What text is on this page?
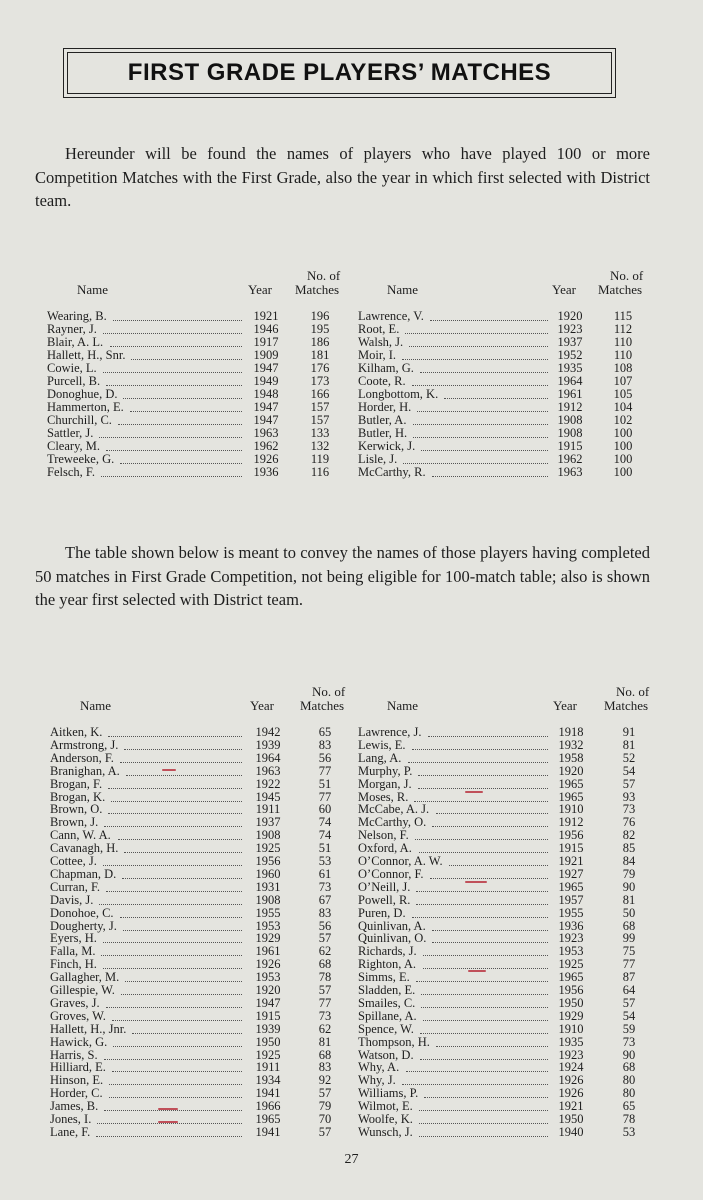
FIRST GRADE PLAYERS’ MATCHES

Hereunder will be found the names of players who have played 100 or more Competition Matches with the First Grade, also the year in which first selected with District team.

Name	Year
No. of
Matches
Wearing, B.	1921	196
Rayner, J.	1946	195
Blair, A. L.	1917	186
Hallett, H., Snr.	1909	181
Cowie, L.	1947	176
Purcell, B.	1949	173
Donoghue, D.	1948	166
Hammerton, E.	1947	157
Churchill, C.	1947	157
Sattler, J.	1963	133
Cleary, M.	1962	132
Treweeke, G.	1926	119
Felsch, F.	1936	116
Name	Year
No. of
Matches
Lawrence, V.	1920	115
Root, E.	1923	112
Walsh, J.	1937	110
Moir, I.	1952	110
Kilham, G.	1935	108
Coote, R.	1964	107
Longbottom, K.	1961	105
Horder, H.	1912	104
Butler, A.	1908	102
Butler, H.	1908	100
Kerwick, J.	1915	100
Lisle, J.	1962	100
McCarthy, R.	1963	100

The table shown below is meant to convey the names of those players having completed 50 matches in First Grade Competition, not being eligible for 100-match table; also is shown the year first selected with District team.

Name	Year
No. of
Matches
Aitken, K.	1942	65
Armstrong, J.	1939	83
Anderson, F.	1964	56
Branighan, A.	1963	77
Brogan, F.	1922	51
Brogan, K.	1945	77
Brown, O.	1911	60
Brown, J.	1937	74
Cann, W. A.	1908	74
Cavanagh, H.	1925	51
Cottee, J.	1956	53
Chapman, D.	1960	61
Curran, F.	1931	73
Davis, J.	1908	67
Donohoe, C.	1955	83
Dougherty, J.	1953	56
Eyers, H.	1929	57
Falla, M.	1961	62
Finch, H.	1926	68
Gallagher, M.	1953	78
Gillespie, W.	1920	57
Graves, J.	1947	77
Groves, W.	1915	73
Hallett, H., Jnr.	1939	62
Hawick, G.	1950	81
Harris, S.	1925	68
Hilliard, E.	1911	83
Hinson, E.	1934	92
Horder, C.	1941	57
James, B.	1966	79
Jones, I.	1965	70
Lane, F.	1941	57
Name	Year
No. of
Matches
Lawrence, J.	1918	91
Lewis, E.	1932	81
Lang, A.	1958	52
Murphy, P.	1920	54
Morgan, J.	1965	57
Moses, R.	1965	93
McCabe, A. J.	1910	73
McCarthy, O.	1912	76
Nelson, F.	1956	82
Oxford, A.	1915	85
O’Connor, A. W.	1921	84
O’Connor, F.	1927	79
O’Neill, J.	1965	90
Powell, R.	1957	81
Puren, D.	1955	50
Quinlivan, A.	1936	68
Quinlivan, O.	1923	99
Richards, J.	1953	75
Righton, A.	1925	77
Simms, E.	1965	87
Sladden, E.	1956	64
Smailes, C.	1950	57
Spillane, A.	1929	54
Spence, W.	1910	59
Thompson, H.	1935	73
Watson, D.	1923	90
Why, A.	1924	68
Why, J.	1926	80
Williams, P.	1926	80
Wilmot, E.	1921	65
Woolfe, K.	1950	78
Wunsch, J.	1940	53
27
